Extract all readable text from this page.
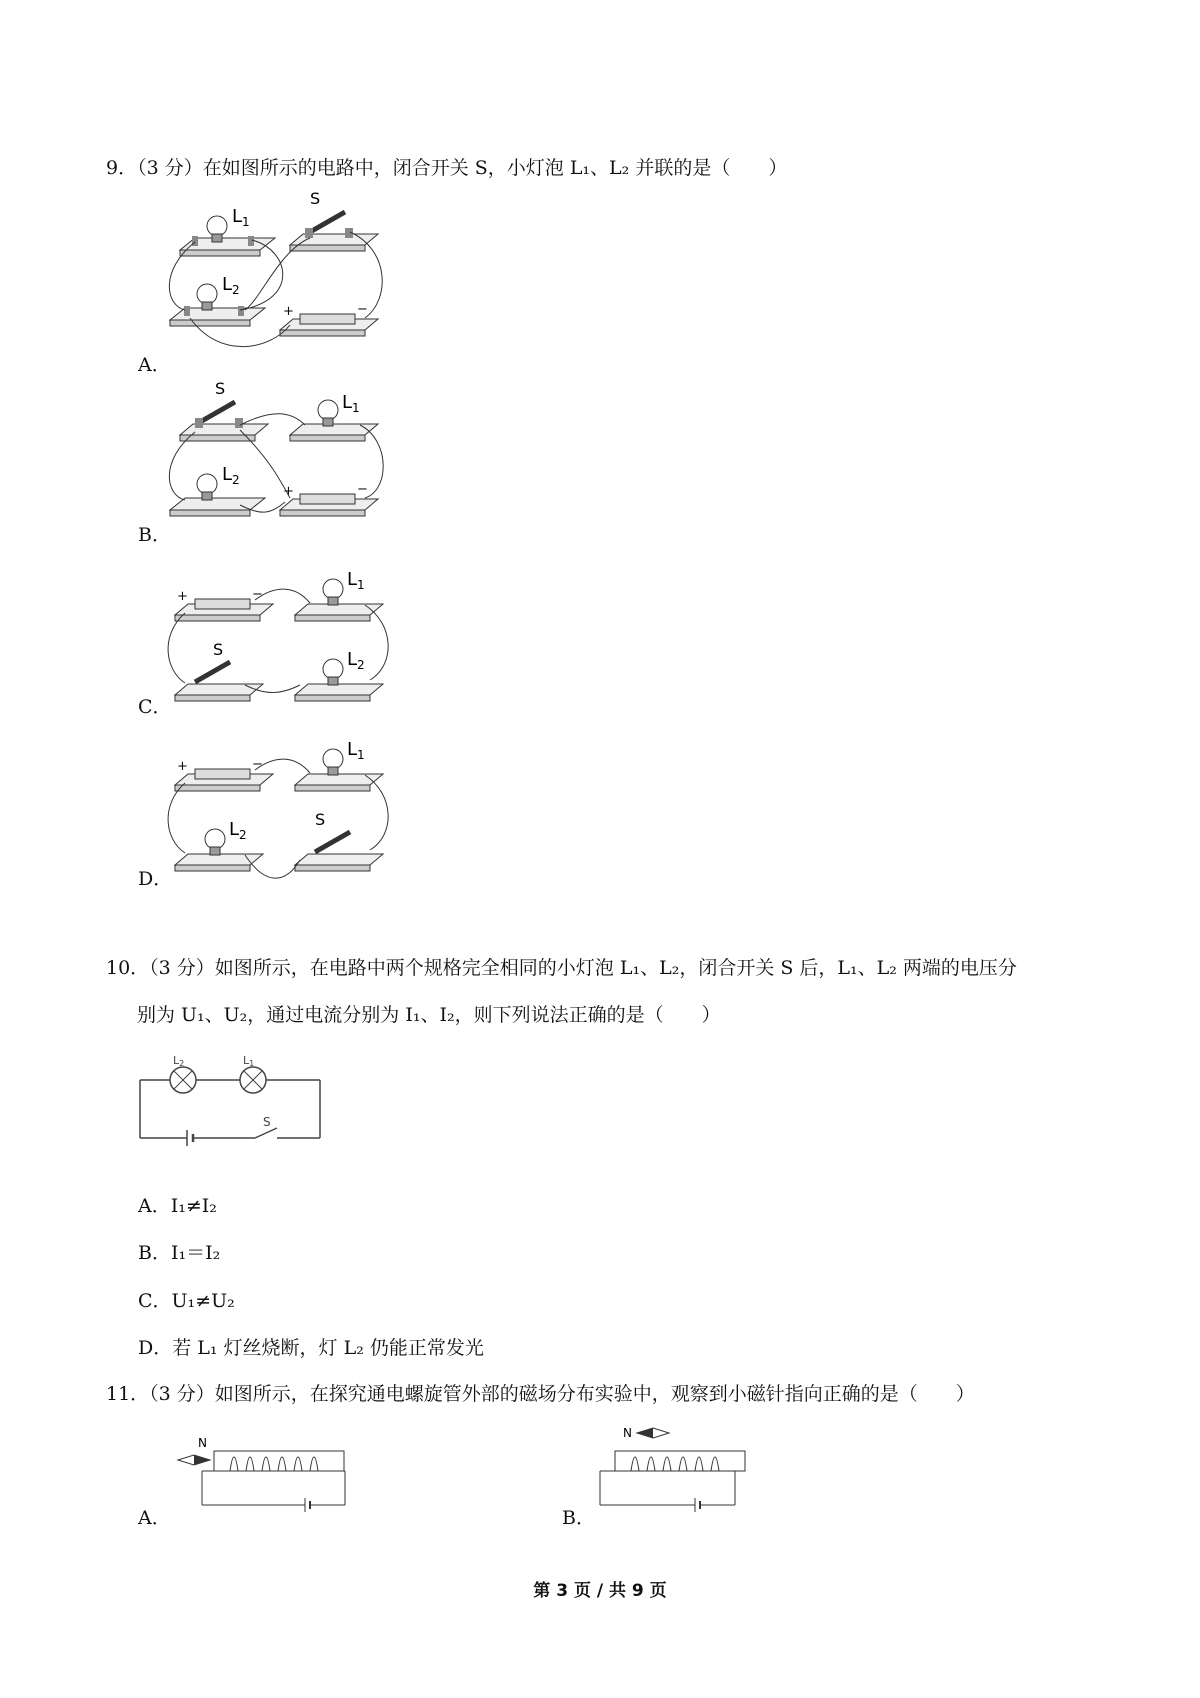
9．（3 分）在如图所示的电路中，闭合开关 S，小灯泡 L₁、L₂ 并联的是（　　）
A．
$L_1$
S
$L_2$
+	−
B．
S
$L_1$
$L_2$
+	−
C．
+	−
$L_1$
S	$L_2$
D．
+	−
$L_1$
$L_2$
S
10．（3 分）如图所示，在电路中两个规格完全相同的小灯泡 L₁、L₂，闭合开关 S 后，L₁、L₂ 两端的电压分
别为 U₁、U₂，通过电流分别为 I₁、I₂，则下列说法正确的是（　　）
L2	L1
S
A．I₁≠I₂
B．I₁＝I₂
C．U₁≠U₂
D．若 L₁ 灯丝烧断，灯 L₂ 仍能正常发光
11．（3 分）如图所示，在探究通电螺旋管外部的磁场分布实验中，观察到小磁针指向正确的是（　　）
A．
N
B．
N
第 3 页 / 共 9 页
